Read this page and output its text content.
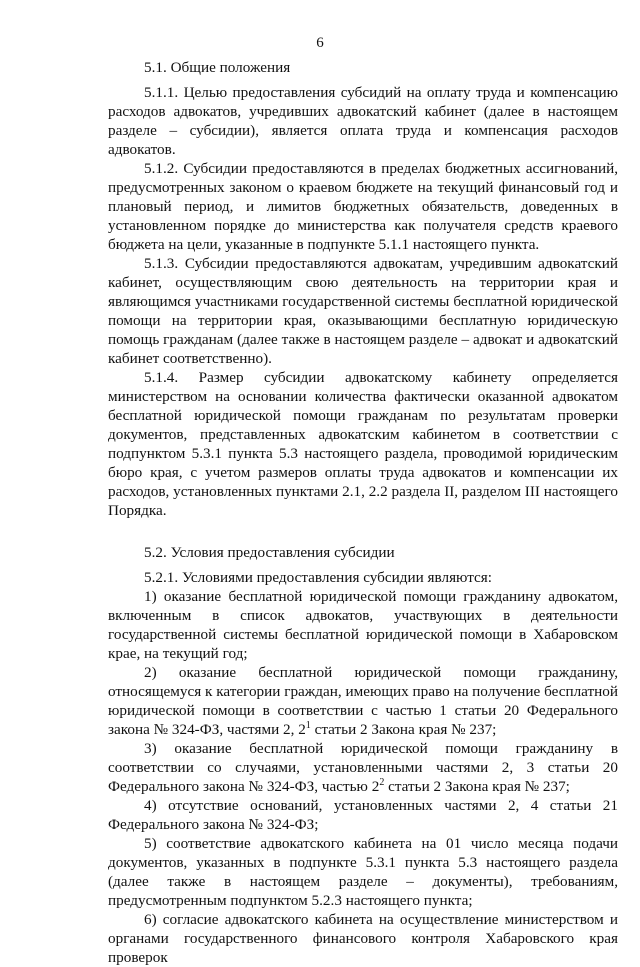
6
5.1. Общие положения

5.1.1. Целью предоставления субсидий на оплату труда и компенсацию расходов адвокатов, учредивших адвокатский кабинет (далее в настоящем разделе – субсидии), является оплата труда и компенсация расходов адвокатов.

5.1.2. Субсидии предоставляются в пределах бюджетных ассигнований, предусмотренных законом о краевом бюджете на текущий финансовый год и плановый период, и лимитов бюджетных обязательств, доведенных в установленном порядке до министерства как получателя средств краевого бюджета на цели, указанные в подпункте 5.1.1 настоящего пункта.

5.1.3. Субсидии предоставляются адвокатам, учредившим адвокатский кабинет, осуществляющим свою деятельность на территории края и являющимся участниками государственной системы бесплатной юридической помощи на территории края, оказывающими бесплатную юридическую помощь гражданам (далее также в настоящем разделе – адвокат и адвокатский кабинет соответственно).

5.1.4. Размер субсидии адвокатскому кабинету определяется министерством на основании количества фактически оказанной адвокатом бесплатной юридической помощи гражданам по результатам проверки документов, представленных адвокатским кабинетом в соответствии с подпунктом 5.3.1 пункта 5.3 настоящего раздела, проводимой юридическим бюро края, с учетом размеров оплаты труда адвокатов и компенсации их расходов, установленных пунктами 2.1, 2.2 раздела II, разделом III настоящего Порядка.

5.2. Условия предоставления субсидии

5.2.1. Условиями предоставления субсидии являются:

1) оказание бесплатной юридической помощи гражданину адвокатом, включенным в список адвокатов, участвующих в деятельности государственной системы бесплатной юридической помощи в Хабаровском крае, на текущий год;

2) оказание бесплатной юридической помощи гражданину, относящемуся к категории граждан, имеющих право на получение бесплатной юридической помощи в соответствии с частью 1 статьи 20 Федерального закона № 324-ФЗ, частями 2, $2^1$ статьи 2 Закона края № 237;

3) оказание бесплатной юридической помощи гражданину в соответствии со случаями, установленными частями 2, 3 статьи 20 Федерального закона № 324-ФЗ, частью $2^2$ статьи 2 Закона края № 237;

4) отсутствие оснований, установленных частями 2, 4 статьи 21 Федерального закона № 324-ФЗ;

5) соответствие адвокатского кабинета на 01 число месяца подачи документов, указанных в подпункте 5.3.1 пункта 5.3 настоящего раздела (далее также в настоящем разделе – документы), требованиям, предусмотренным подпунктом 5.2.3 настоящего пункта;

6) согласие адвокатского кабинета на осуществление министерством и органами государственного финансового контроля Хабаровского края проверок
